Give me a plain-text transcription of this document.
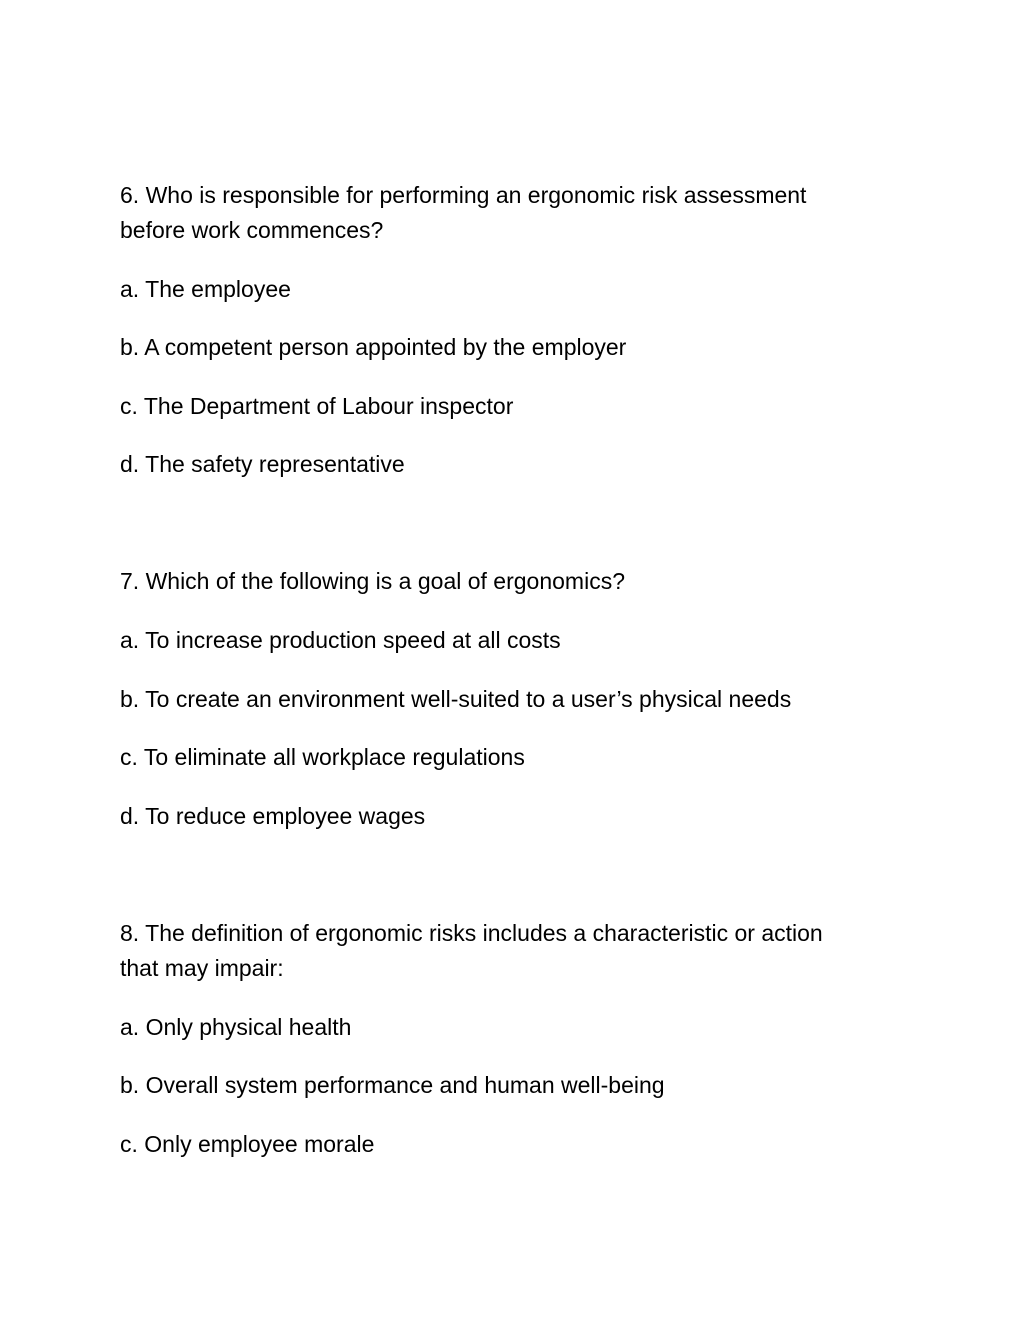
6. Who is responsible for performing an ergonomic risk assessment

before work commences?

a. The employee

b. A competent person appointed by the employer

c. The Department of Labour inspector

d. The safety representative

7. Which of the following is a goal of ergonomics?

a. To increase production speed at all costs

b. To create an environment well-suited to a user’s physical needs

c. To eliminate all workplace regulations

d. To reduce employee wages

8. The definition of ergonomic risks includes a characteristic or action

that may impair:

a. Only physical health

b. Overall system performance and human well-being

c. Only employee morale
